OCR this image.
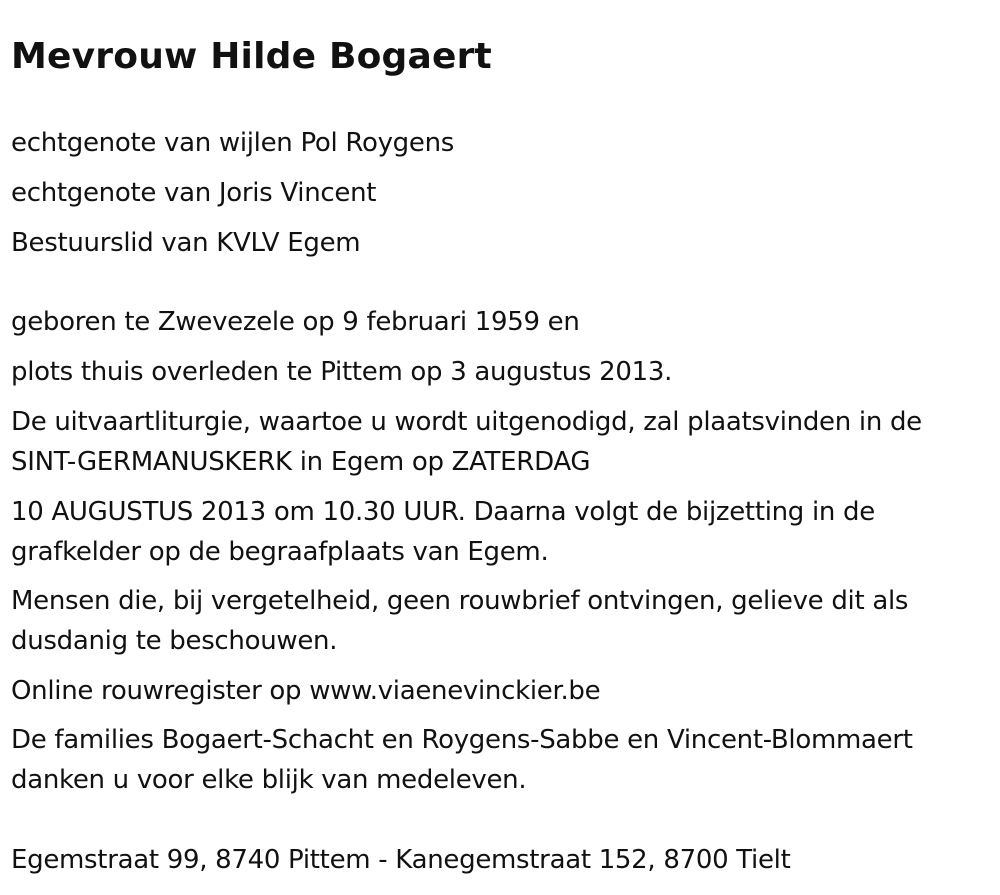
Mevrouw Hilde Bogaert

echtgenote van wijlen Pol Roygens

echtgenote van Joris Vincent

Bestuurslid van KVLV Egem

geboren te Zwevezele op 9 februari 1959 en

plots thuis overleden te Pittem op 3 augustus 2013.

De uitvaartliturgie, waartoe u wordt uitgenodigd, zal plaatsvinden in de
SINT-GERMANUSKERK in Egem op ZATERDAG
10 AUGUSTUS 2013 om 10.30 UUR. Daarna volgt de bijzetting in de
grafkelder op de begraafplaats van Egem.
Mensen die, bij vergetelheid, geen rouwbrief ontvingen, gelieve dit als
dusdanig te beschouwen.

Online rouwregister op www.viaenevinckier.be

De families Bogaert-Schacht en Roygens-Sabbe en Vincent-Blommaert
danken u voor elke blijk van medeleven.

Egemstraat 99, 8740 Pittem - Kanegemstraat 152, 8700 Tielt
